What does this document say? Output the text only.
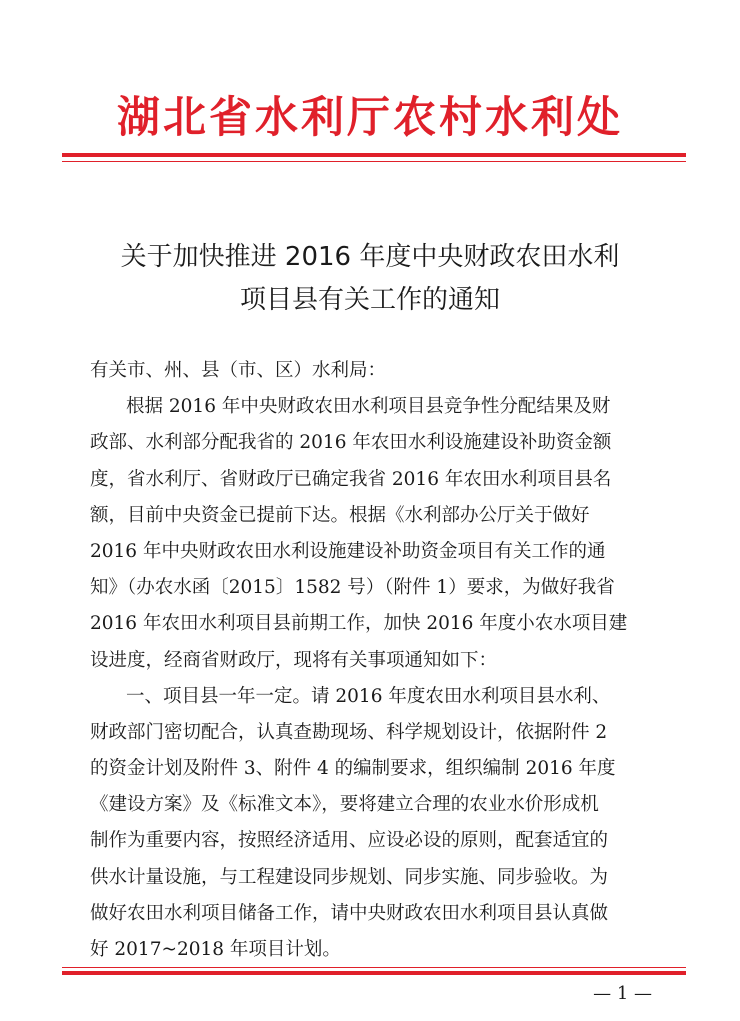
湖北省水利厅农村水利处
关于加快推进 2016 年度中央财政农田水利
项目县有关工作的通知
有关市、州、县（市、区）水利局：
根据 2016 年中央财政农田水利项目县竞争性分配结果及财
政部、水利部分配我省的 2016 年农田水利设施建设补助资金额
度，省水利厅、省财政厅已确定我省 2016 年农田水利项目县名
额，目前中央资金已提前下达。根据《水利部办公厅关于做好
2016 年中央财政农田水利设施建设补助资金项目有关工作的通
知》（办农水函〔2015〕1582 号）（附件 1）要求，为做好我省
2016 年农田水利项目县前期工作，加快 2016 年度小农水项目建
设进度，经商省财政厅，现将有关事项通知如下：
一、项目县一年一定。请 2016 年度农田水利项目县水利、
财政部门密切配合，认真查勘现场、科学规划设计，依据附件 2
的资金计划及附件 3、附件 4 的编制要求，组织编制 2016 年度
《建设方案》及《标准文本》，要将建立合理的农业水价形成机
制作为重要内容，按照经济适用、应设必设的原则，配套适宜的
供水计量设施，与工程建设同步规划、同步实施、同步验收。为
做好农田水利项目储备工作，请中央财政农田水利项目县认真做
好 2017~2018 年项目计划。
— 1 —
